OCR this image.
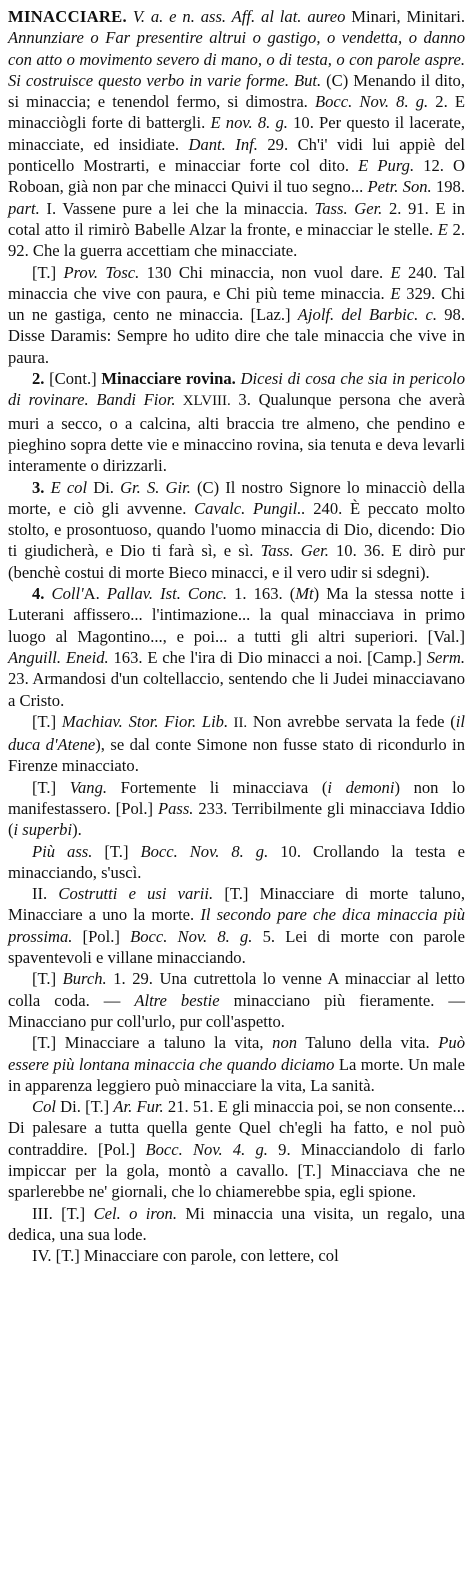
MINACCIARE. V. a. e n. ass. Aff. al lat. aureo Minari, Minitari. Annunziare o Far presentire altrui o gastigo, o vendetta, o danno con atto o movimento severo di mano, o di testa, o con parole aspre. Si costruisce questo verbo in varie forme. But. (C) Menando il dito, si minaccia; e tenendol fermo, si dimostra. Bocc. Nov. 8. g. 2. E minacciògli forte di battergli. E nov. 8. g. 10. Per questo il lacerate, minacciate, ed insidiate. Dant. Inf. 29. Ch'i' vidi lui appiè del ponticello Mostrarti, e minacciar forte col dito. E Purg. 12. O Roboan, già non par che minacci Quivi il tuo segno... Petr. Son. 198. part. I. Vassene pure a lei che la minaccia. Tass. Ger. 2. 91. E in cotal atto il rimirò Babelle Alzar la fronte, e minacciar le stelle. E 2. 92. Che la guerra accettiam che minacciate.

[T.] Prov. Tosc. 130 Chi minaccia, non vuol dare. E 240. Tal minaccia che vive con paura, e Chi più teme minaccia. E 329. Chi un ne gastiga, cento ne minaccia. [Laz.] Ajolf. del Barbic. c. 98. Disse Daramis: Sempre ho udito dire che tale minaccia che vive in paura.

2. [Cont.] Minacciare rovina. Dicesi di cosa che sia in pericolo di rovinare. Bandi Fior. XLVIII. 3. Qualunque persona che averà muri a secco, o a calcina, alti braccia tre almeno, che pendino e pieghino sopra dette vie e minaccino rovina, sia tenuta e deva levarli interamente o dirizzarli.

3. E col Di. Gr. S. Gir. (C) Il nostro Signore lo minacciò della morte, e ciò gli avvenne. Cavalc. Pungil.. 240. È peccato molto stolto, e prosontuoso, quando l'uomo minaccia di Dio, dicendo: Dio ti giudicherà, e Dio ti farà sì, e sì. Tass. Ger. 10. 36. E dirò pur (benchè costui di morte Bieco minacci, e il vero udir si sdegni).

4. Coll'A. Pallav. Ist. Conc. 1. 163. (Mt) Ma la stessa notte i Luterani affissero... l'intimazione... la qual minacciava in primo luogo al Magontino..., e poi... a tutti gli altri superiori. [Val.] Anguill. Eneid. 163. E che l'ira di Dio minacci a noi. [Camp.] Serm. 23. Armandosi d'un coltellaccio, sentendo che li Judei minacciavano a Cristo.

[T.] Machiav. Stor. Fior. Lib. II. Non avrebbe servata la fede (il duca d'Atene), se dal conte Simone non fusse stato di ricondurlo in Firenze minacciato.

[T.] Vang. Fortemente li minacciava (i demoni) non lo manifestassero. [Pol.] Pass. 233. Terribilmente gli minacciava Iddio (i superbi).

Più ass. [T.] Bocc. Nov. 8. g. 10. Crollando la testa e minacciando, s'uscì.

II. Costrutti e usi varii. [T.] Minacciare di morte taluno, Minacciare a uno la morte. Il secondo pare che dica minaccia più prossima. [Pol.] Bocc. Nov. 8. g. 5. Lei di morte con parole spaventevoli e villane minacciando.

[T.] Burch. 1. 29. Una cutrettola lo venne A minacciar al letto colla coda. — Altre bestie minacciano più fieramente. — Minacciano pur coll'urlo, pur coll'aspetto.

[T.] Minacciare a taluno la vita, non Taluno della vita. Può essere più lontana minaccia che quando diciamo La morte. Un male in apparenza leggiero può minacciare la vita, La sanità.

Col Di. [T.] Ar. Fur. 21. 51. E gli minaccia poi, se non consente... Di palesare a tutta quella gente Quel ch'egli ha fatto, e nol può contraddire. [Pol.] Bocc. Nov. 4. g. 9. Minacciandolo di farlo impiccar per la gola, montò a cavallo. [T.] Minacciava che ne sparlerebbe ne' giornali, che lo chiamerebbe spia, egli spione.

III. [T.] Cel. o iron. Mi minaccia una visita, un regalo, una dedica, una sua lode.

IV. [T.] Minacciare con parole, con lettere, col
